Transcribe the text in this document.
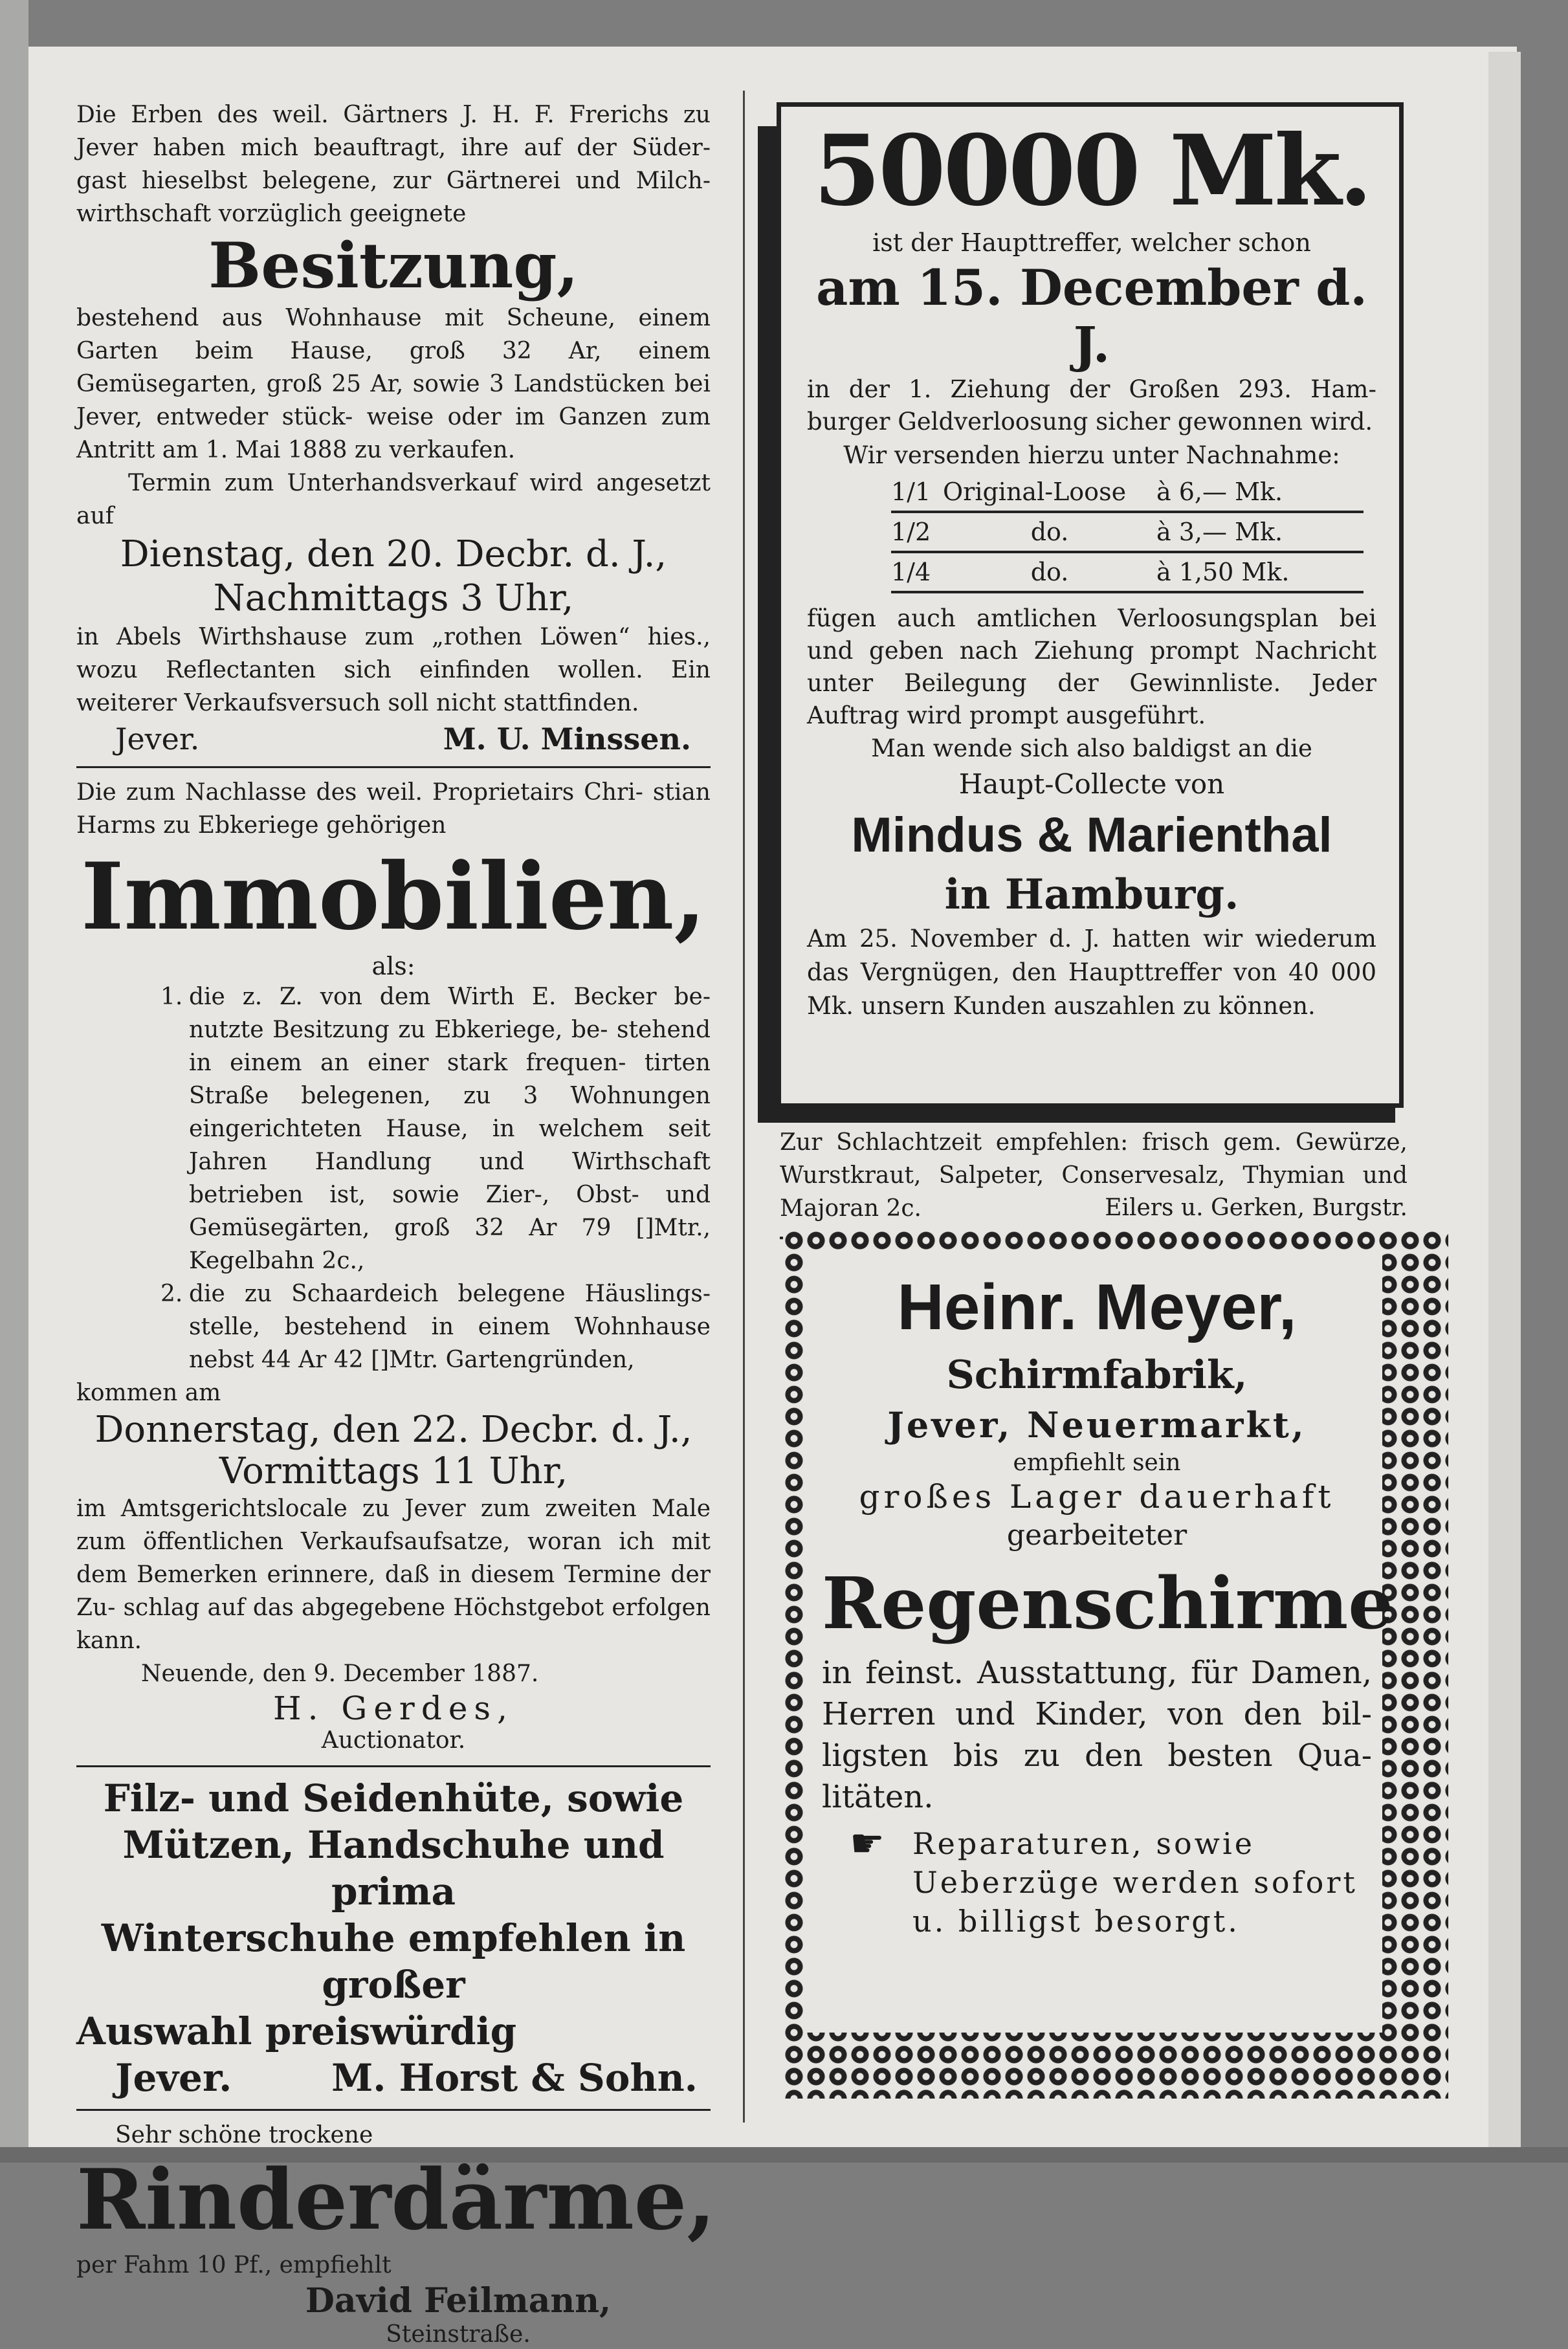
Die Erben des weil. Gärtners J. H. F. Frerichs zu Jever haben mich beauftragt, ihre auf der Süder- gast hieselbst belegene, zur Gärtnerei und Milch- wirthschaft vorzüglich geeignete

Besitzung,

bestehend aus Wohnhause mit Scheune, einem Garten beim Hause, groß 32 Ar, einem Gemüsegarten, groß 25 Ar, sowie 3 Landstücken bei Jever, entweder stück- weise oder im Ganzen zum Antritt am 1. Mai 1888 zu verkaufen.

Termin zum Unterhandsverkauf wird angesetzt auf

Dienstag, den 20. Decbr. d. J.,
Nachmittags 3 Uhr,

in Abels Wirthshause zum „rothen Löwen“ hies., wozu Reflectanten sich einfinden wollen. Ein weiterer Verkaufsversuch soll nicht stattfinden.

Jever.	M. U. Minssen.

Die zum Nachlasse des weil. Proprietairs Chri- stian Harms zu Ebkeriege gehörigen

Immobilien,
als:
1. die z. Z. von dem Wirth E. Becker be- nutzte Besitzung zu Ebkeriege, be- stehend in einem an einer stark frequen- tirten Straße belegenen, zu 3 Wohnungen eingerichteten Hause, in welchem seit Jahren Handlung und Wirthschaft betrieben ist, sowie Zier-, Obst- und Gemüsegärten, groß 32 Ar 79 []Mtr., Kegelbahn 2c.,

2. die zu Schaardeich belegene Häuslings- stelle, bestehend in einem Wohnhause nebst 44 Ar 42 []Mtr. Gartengründen,

kommen am

Donnerstag, den 22. Decbr. d. J.,
Vormittags 11 Uhr,

im Amtsgerichtslocale zu Jever zum zweiten Male zum öffentlichen Verkaufsaufsatze, woran ich mit dem Bemerken erinnere, daß in diesem Termine der Zu- schlag auf das abgegebene Höchstgebot erfolgen kann.

Neuende, den 9. December 1887.

H. Gerdes,
Auctionator.
Filz- und Seidenhüte, sowie
Mützen, Handschuhe und prima
Winterschuhe empfehlen in großer
Auswahl preiswürdig
Jever.	M. Horst & Sohn.

Sehr schöne trockene

Rinderdärme,

per Fahm 10 Pf., empfiehlt

David Feilmann,
Steinstraße.
50000 Mk.
ist der Haupttreffer, welcher schon
am 15. December d. J.

in der 1. Ziehung der Großen 293. Ham- burger Geldverloosung sicher gewonnen wird.

Wir versenden hierzu unter Nachnahme:
1/1 Original-Loose	à 6,— Mk.
1/2	do.	à 3,— Mk.
1/4	do.	à 1,50 Mk.

fügen auch amtlichen Verloosungsplan bei und geben nach Ziehung prompt Nachricht unter Beilegung der Gewinnliste. Jeder Auftrag wird prompt ausgeführt.

Man wende sich also baldigst an die
Haupt-Collecte von
Mindus & Marienthal
in Hamburg.

Am 25. November d. J. hatten wir wiederum das Vergnügen, den Haupttreffer von 40 000 Mk. unsern Kunden auszahlen zu können.

Zur Schlachtzeit empfehlen: frisch gem. Gewürze, Wurstkraut, Salpeter, Conservesalz, Thymian und Majoran 2c.	Eilers u. Gerken, Burgstr.
Heinr. Meyer,
Schirmfabrik,
Jever, Neuermarkt,
empfiehlt sein
großes Lager dauerhaft
gearbeiteter
Regenschirme

in feinst. Ausstattung, für Damen, Herren und Kinder, von den bil- ligsten bis zu den besten Qua- litäten.

☛ Reparaturen, sowie Ueberzüge werden sofort u. billigst besorgt.
